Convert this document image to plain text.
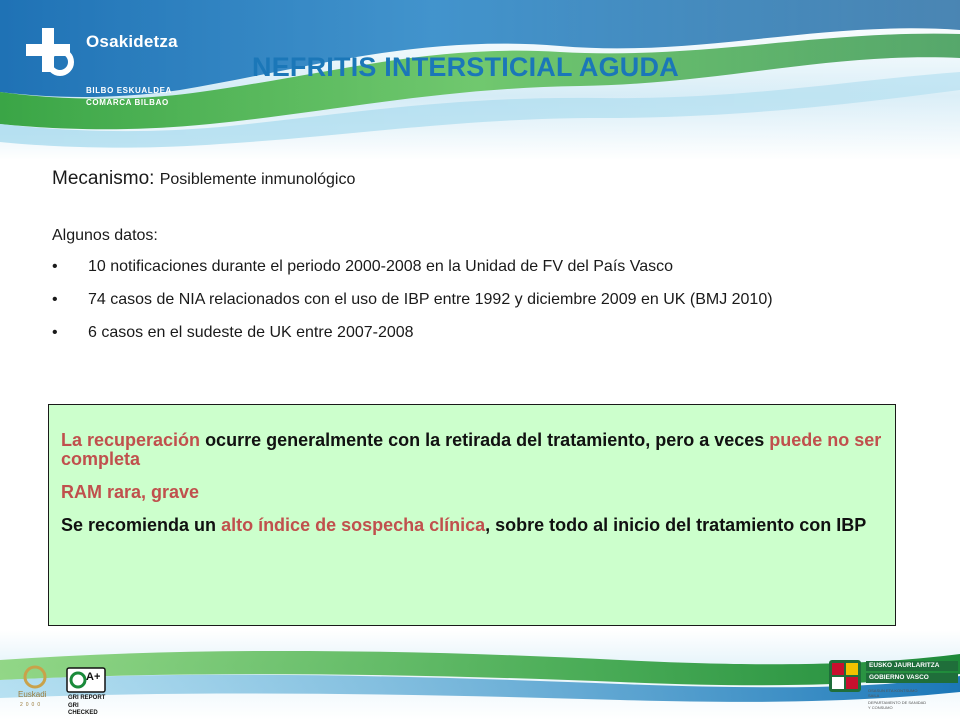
Osakidetza
BILBO ESKUALDEA
COMARCA BILBAO
NEFRITIS INTERSTICIAL AGUDA
Mecanismo: Posiblemente inmunológico
Algunos datos:
• 10 notificaciones durante el periodo 2000-2008 en la Unidad de FV del País Vasco
• 74 casos de NIA relacionados con el uso de IBP entre 1992 y diciembre 2009 en UK (BMJ 2010)
• 6 casos en el sudeste de UK entre 2007-2008

La recuperación ocurre generalmente con la retirada del tratamiento, pero a veces puede no ser completa

RAM rara, grave

Se recomienda un alto índice de sospecha clínica, sobre todo al inicio del tratamiento con IBP

Euskadi
2000
A+
GRI REPORT
GRI CHECKED
EUSKO JAURLARITZA
GOBIERNO VASCO
OSASUN ETA KONTSUMO
SAILA
DEPARTAMENTO DE SANIDAD
Y CONSUMO
